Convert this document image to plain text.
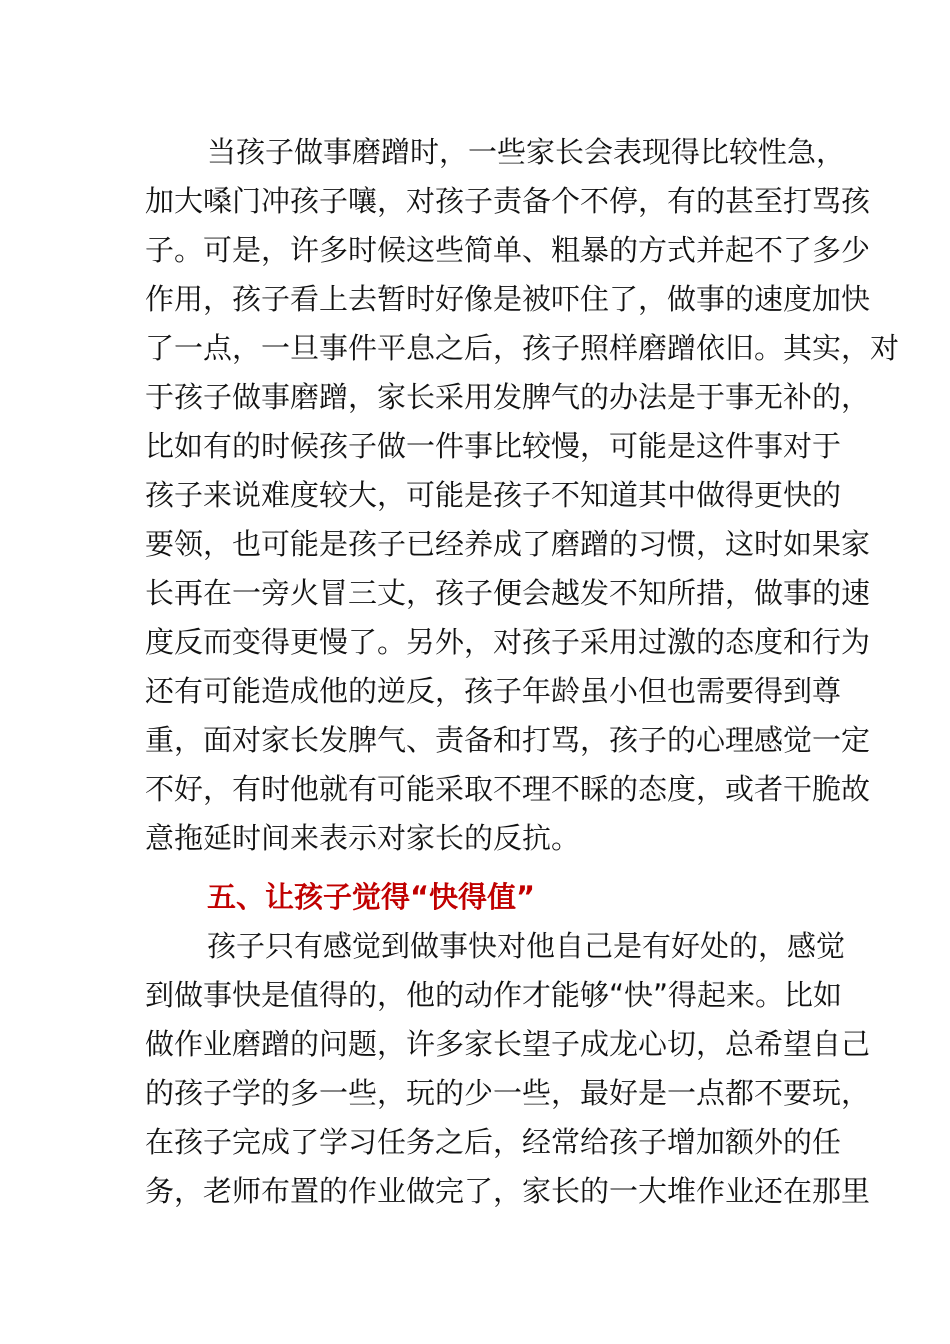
当孩子做事磨蹭时，一些家长会表现得比较性急，
加大嗓门冲孩子嚷，对孩子责备个不停，有的甚至打骂孩
子。可是，许多时候这些简单、粗暴的方式并起不了多少
作用，孩子看上去暂时好像是被吓住了，做事的速度加快
了一点，一旦事件平息之后，孩子照样磨蹭依旧。其实，对
于孩子做事磨蹭，家长采用发脾气的办法是于事无补的，
比如有的时候孩子做一件事比较慢，可能是这件事对于
孩子来说难度较大，可能是孩子不知道其中做得更快的
要领，也可能是孩子已经养成了磨蹭的习惯，这时如果家
长再在一旁火冒三丈，孩子便会越发不知所措，做事的速
度反而变得更慢了。另外，对孩子采用过激的态度和行为
还有可能造成他的逆反，孩子年龄虽小但也需要得到尊
重，面对家长发脾气、责备和打骂，孩子的心理感觉一定
不好，有时他就有可能采取不理不睬的态度，或者干脆故
意拖延时间来表示对家长的反抗。
五、让孩子觉得“快得值”
孩子只有感觉到做事快对他自己是有好处的，感觉
到做事快是值得的，他的动作才能够“快”得起来。比如
做作业磨蹭的问题，许多家长望子成龙心切，总希望自己
的孩子学的多一些，玩的少一些，最好是一点都不要玩，
在孩子完成了学习任务之后，经常给孩子增加额外的任
务，老师布置的作业做完了，家长的一大堆作业还在那里
